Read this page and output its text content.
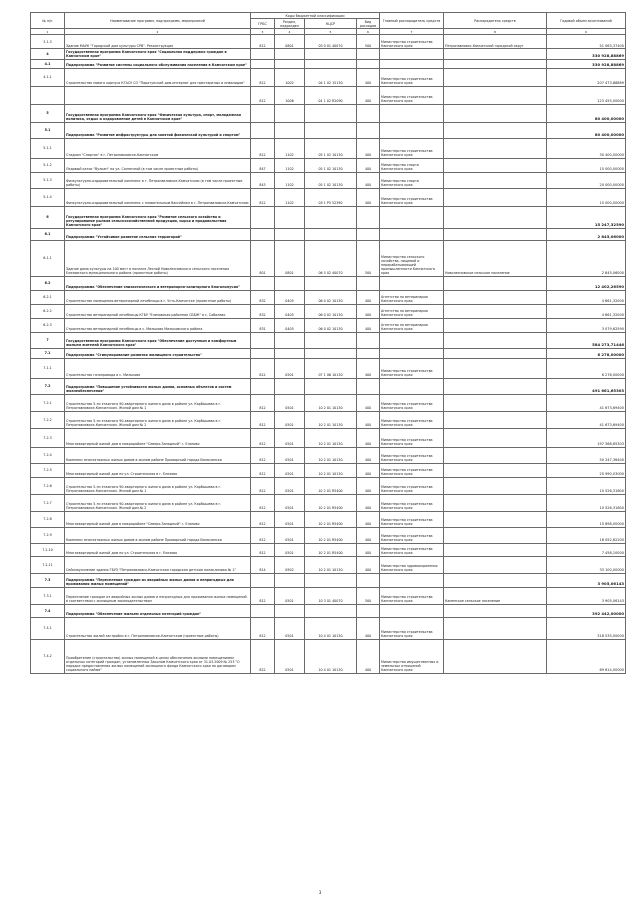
№ п/п	Наименование программ, подпрограмм, мероприятий	Коды бюджетной классификации				Главный распорядитель средств	Распорядитель средств	Годовой объем ассигнований
		ГРБС	Раздел, подраздел	КЦСР	Вид расходов			
1	2	3	4	5	6	7	8	9
3.1.3	Здание МАУК "Городской дом культуры СРВ". Реконструкция	812	0801	03 0 01 40070	500	Министерство строительства Камчатского края	Петропавловск-Камчатский городской округ	51 063,37400
4	Государственная программа Камчатского края "Социальная поддержка граждан в Камчатском крае"							330 928,88869
4.1	Подпрограмма "Развитие системы социального обслуживания населения в Камчатском крае"							330 928,88869
4.1.1	Строительство нового корпуса КГАСУ СО "Паратунский дом-интернат для престарелых и инвалидов"	812	1002	04 1 02 15130	400	Министерство строительства Камчатского края		207 473,88869
		812	1006	04 1 02 R2090	400	Министерство строительства Камчатского края		123 455,00000
5	Государственная программа Камчатского края "Физическая культура, спорт, молодежная политика, отдых и оздоровление детей в Камчатском крае"							80 400,00000
5.1	Подпрограмма "Развитие инфраструктуры для занятий физической культурой и спортом"							80 400,00000
5.1.1	Стадион "Спартак" в г. Петропавловске-Камчатском	812	1102	05 1 02 10130	400	Министерство строительства Камчатского края		30 400,00000
5.1.2	Ледовый каток "Вулкан" на ул. Солнечной (в том числе проектные работы)	847	1102	05 1 02 10130	400	Министерство спорта Камчатского края		15 000,00000
5.1.3	Физкультурно-оздоровительный комплекс в г. Петропавловске-Камчатском (в том числе проектные работы)	843	1102	05 1 02 10130	400	Министерство спорта Камчатского края		20 000,00000
5.1.4	Физкультурно-оздоровительный комплекс с плавательным бассейном в г. Петропавловске-Камчатском	812	1102	05 1 P5 52390	400	Министерство строительства Камчатского края		15 000,00000
6	Государственная программа Камчатского края "Развитие сельского хозяйства и регулирование рынков сельскохозяйственной продукции, сырья и продовольствия Камчатского края"							15 247,32590
6.1	Подпрограмма "Устойчивое развитие сельских территорий"							2 845,06000
6.1.1	Здание дома культуры на 100 мест в поселке Лесной Новолесновского сельского поселения Елизовского муниципального района (проектные работы)	801	0801	06 5 02 40070	500	Министерство сельского хозяйства, пищевой и перерабатывающей промышленности Камчатского края	Новолесновское сельское поселение	2 845,06000
6.2	Подпрограмма "Обеспечение эпизоотического и ветеринарно-санитарного благополучия"							12 402,26590
6.2.1	Строительство помещения ветеринарной лечебницы в г. Усть-Камчатске (проектные работы)	832	0405	06 0 02 10130	400	Агентство по ветеринарии Камчатского края		4 661,32000
6.2.2	Строительство ветеринарной лечебницы КГБУ "Елизовская районная СББЖ" в с. Соболево	832	0405	06 0 02 10130	400	Агентство по ветеринарии Камчатского края		4 661,32000
6.2.3	Строительство ветеринарной лечебницы в с. Мильково Мильковского района	831	0405	06 0 02 10130	400	Агентство по ветеринарии Камчатского края		3 079,62590
7	Государственная программа Камчатского края "Обеспечение доступным и комфортным жильем жителей Камчатского края"							584 273,71446
7.1	Подпрограмма "Стимулирование развития жилищного строительства"							6 278,00000
7.1.1	Строительство газопровода в с. Мильково	812	0501	07 1 06 10130	400	Министерство строительства Камчатского края		6 278,00000
7.2	Подпрограмма "Повышение устойчивости жилых домов, основных объектов и систем жизнеобеспечения"							491 661,65303
7.2.1	Строительство 5-ти этажного 90-квартирного жилого дома в районе ул. Карбышева в г. Петропавловске-Камчатском. Жилой дом № 1	812	0501	10 2 01 10130	400	Министерство строительства Камчатского края		41 673,69400
7.2.2	Строительство 5-ти этажного 90-квартирного жилого дома в районе ул. Карбышева в г. Петропавловске-Камчатском. Жилой дом № 2	812	0501	10 2 01 10130	400	Министерство строительства Камчатского края		41 673,69400
7.2.3	Многоквартирный жилой дом в микрорайоне "Северо-Западный" г. Елизово	812	0501	10 2 01 10130	400	Министерство строительства Камчатского края		197 366,65303
7.2.4	Комплекс многоэтажных жилых домов в жилом районе Приморский города Вилючинска	812	0501	10 2 01 10130	400	Министерство строительства Камчатского края		50 247,36400
7.2.5	Многоквартирный жилой дом по ул. Строительная в г. Елизово	812	0501	10 2 01 10130	400	Министерство строительства Камчатского края		25 990,03000
7.2.6	Строительство 5-ти этажного 90-квартирного жилого дома в районе ул. Карбышева в г. Петропавловске-Камчатском. Жилой дом № 1	812	0501	10 2 01 R5400	400	Министерство строительства Камчатского края		10 526,31800
7.2.7	Строительство 5-ти этажного 90-квартирного жилого дома в районе ул. Карбышева в г. Петропавловске-Камчатском. Жилой дом № 2	812	0501	10 2 01 R5400	400	Министерство строительства Камчатского края		10 526,31800
7.2.8	Многоквартирный жилой дом в микрорайоне "Северо-Западный" г. Елизово	812	0501	10 2 01 R5400	400	Министерство строительства Камчатского края		15 898,00000
7.2.9	Комплекс многоэтажных жилых домов в жилом районе Приморский города Вилючинска	812	0501	10 2 01 R5400	400	Министерство строительства Камчатского края		16 052,62200
7.2.10	Многоквартирный жилой дом по ул. Строительная в г. Елизово	812	0501	10 2 01 R5400	400	Министерство строительства Камчатского края		7 458,10000
7.2.11	Сейсмоусиление здания ГБУЗ "Петропавловск-Камчатская городская детская поликлиника № 1"	814	0902	10 2 01 10130	400	Министерство здравоохранения Камчатского края		33 100,00000
7.3	Подпрограмма "Переселение граждан из аварийных жилых домов и непригодных для проживания жилых помещений"							3 905,06143
7.3.1	Переселение граждан из аварийных жилых домов и непригодных для проживания жилых помещений в соответствии с жилищным законодательством	812	0501	10 3 01 40070	500	Министерство строительства Камчатского края	Каменское сельское поселение	3 905,06143
7.4	Подпрограмма "Обеспечение жильем отдельных категорий граждан"							392 442,00000
7.4.1	Строительство жилой застройки в г. Петропавловске-Камчатском (проектные работы)	812	0501	10 4 01 10130	400	Министерство строительства Камчатского края		318 535,00000
7.4.2	Приобретение (строительство) жилых помещений в целях обеспечения жилыми помещениями отдельных категорий граждан, установленных Законом Камчатского края от 31.03.2009 № 253 "О порядке предоставления жилых помещений жилищного фонда Камчатского края по договорам социального найма"	822	0501	10 4 01 10130	400	Министерство имущественных и земельных отношений Камчатского края		69 614,00000
3
